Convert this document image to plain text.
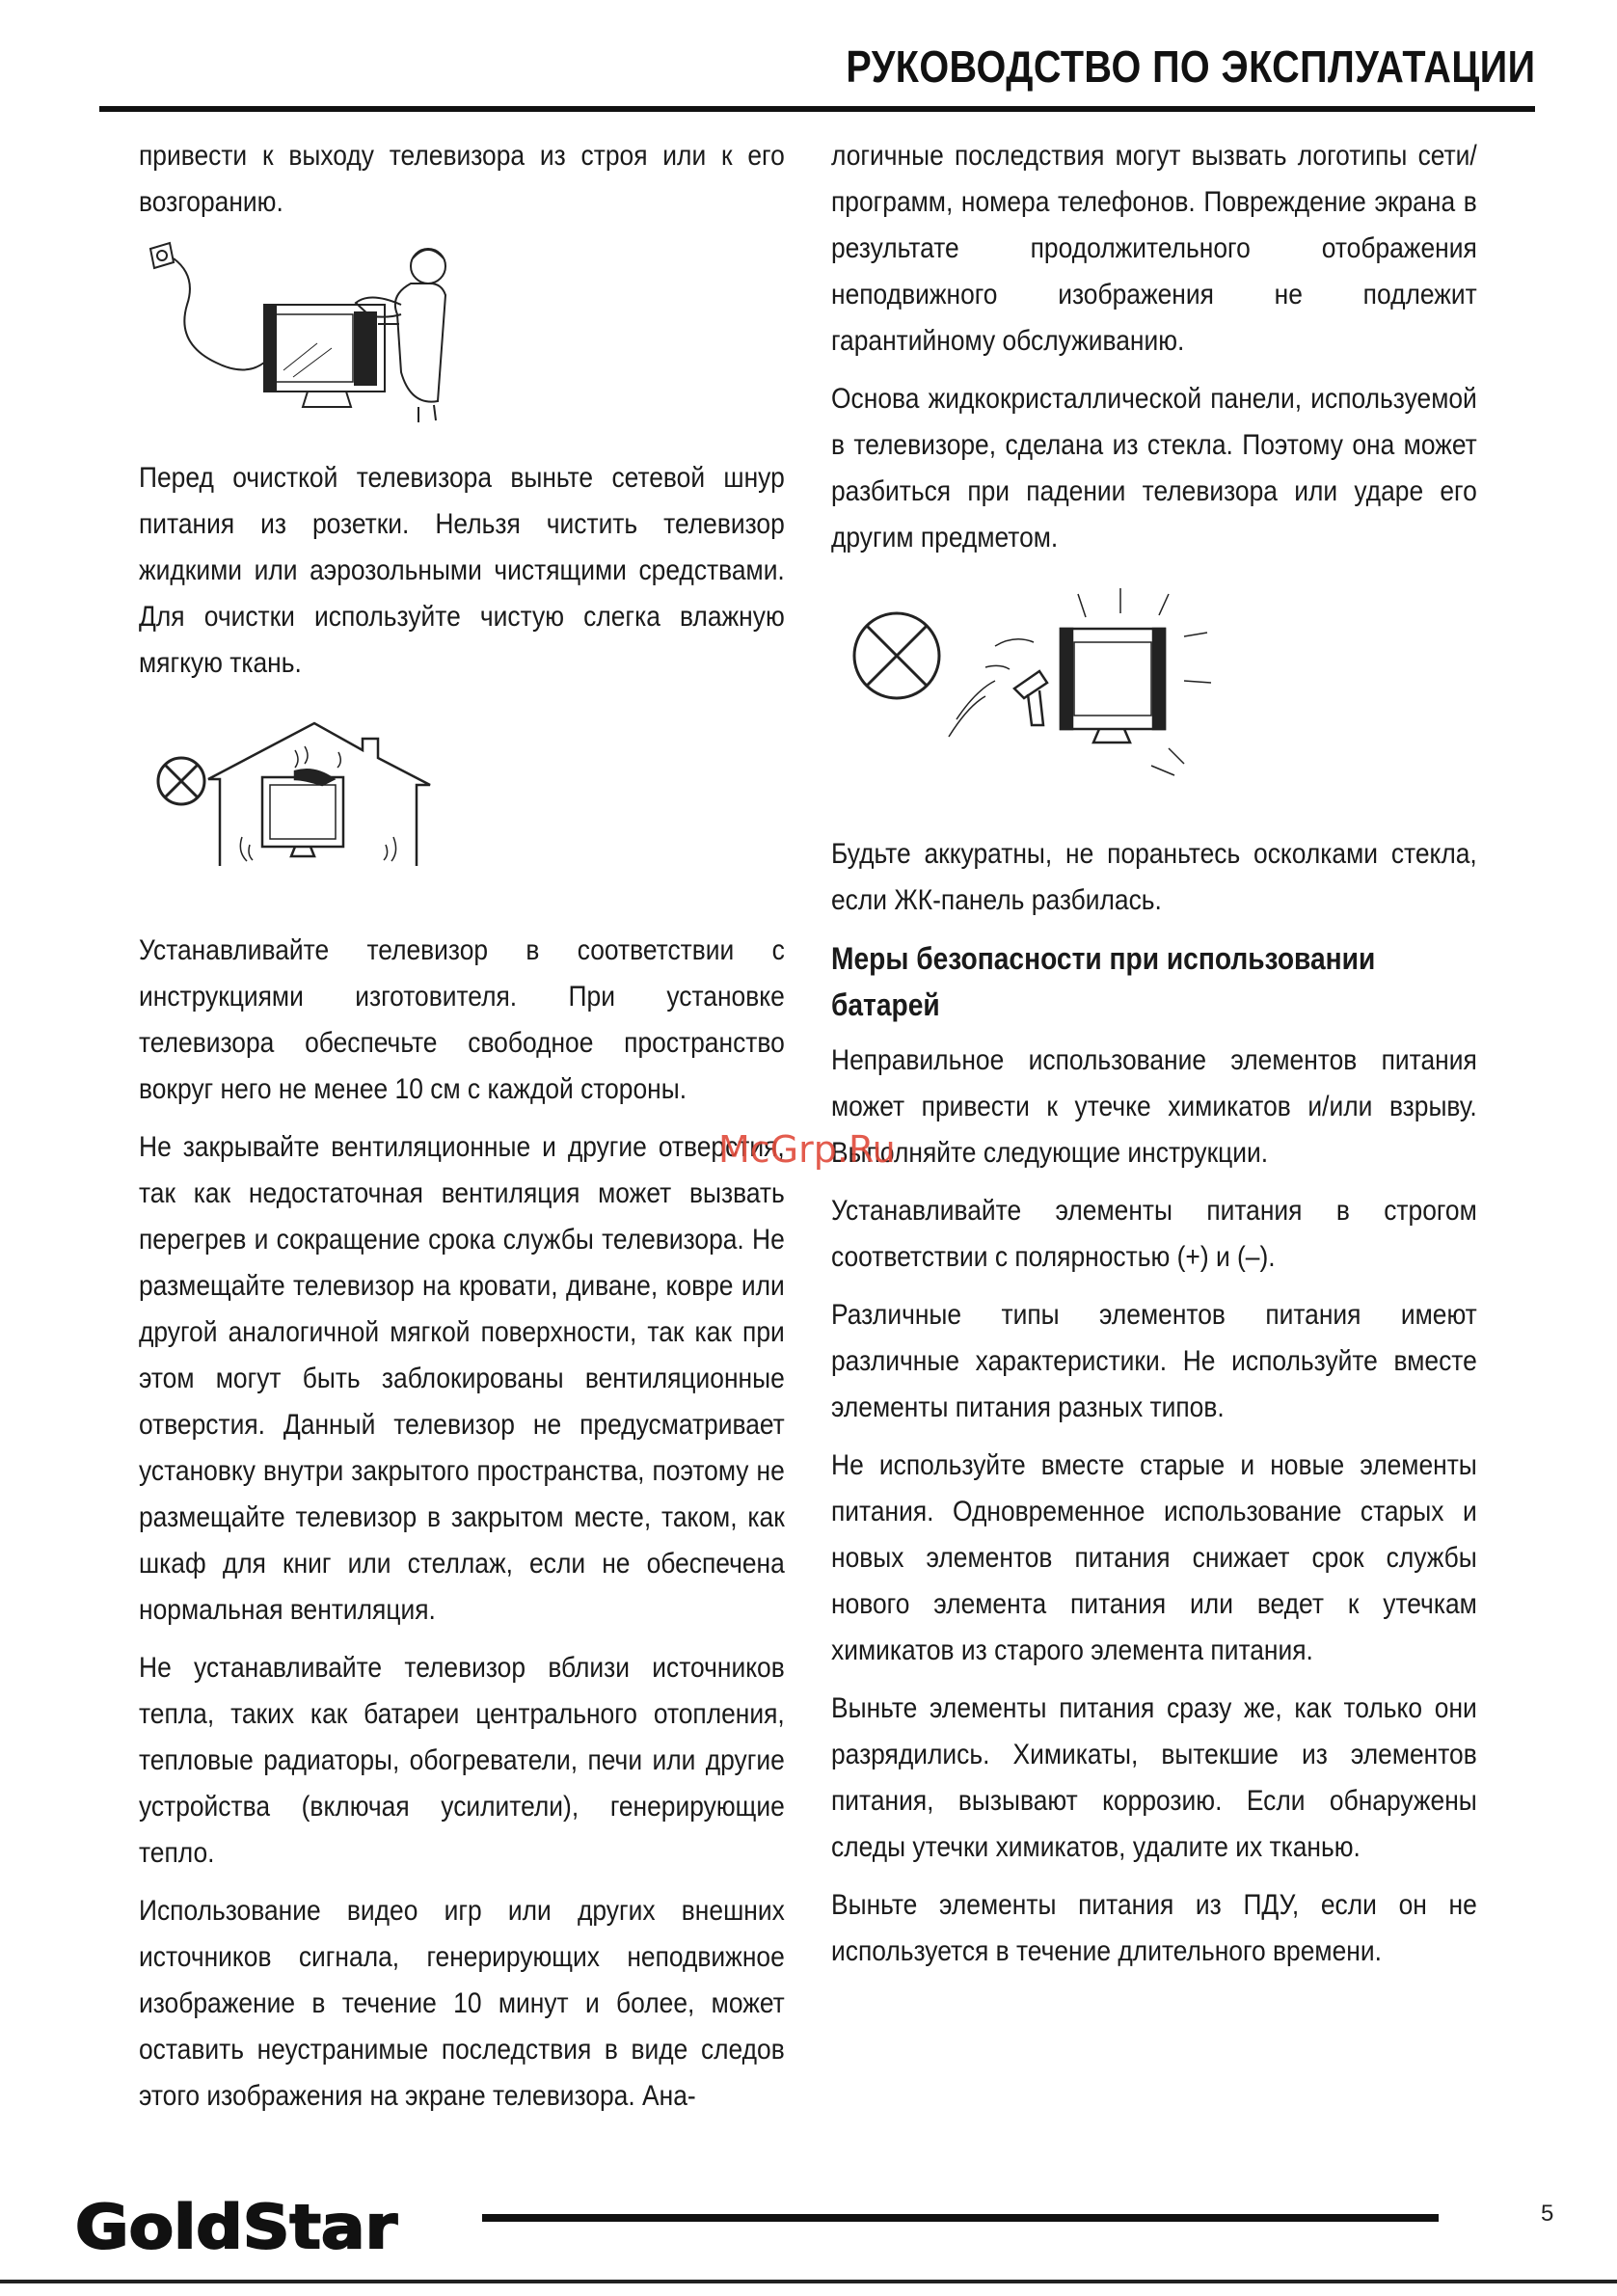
РУКОВОДСТВО ПО ЭКСПЛУАТАЦИИ

привести к выходу телевизора из строя или к его возгоранию.

Перед очисткой телевизора выньте сетевой шнур питания из розетки. Нельзя чистить телевизор жидкими или аэрозольными чистящими средствами. Для очистки используйте чистую слегка влажную мягкую ткань.

Устанавливайте телевизор в соответствии с инструкциями изготовителя. При установке телевизора обеспечьте свободное пространство вокруг него не менее 10 см с каждой стороны.

Не закрывайте вентиляционные и другие отверстия, так как недостаточная вентиляция может вызвать перегрев и сокращение срока службы телевизора. Не размещайте телевизор на кровати, диване, ковре или другой аналогичной мягкой поверхности, так как при этом могут быть заблокированы вентиляционные отверстия. Данный телевизор не предусматривает установку внутри закрытого пространства, поэтому не размещайте телевизор в закрытом месте, таком, как шкаф для книг или стеллаж, если не обеспечена нормальная вентиляция.

Не устанавливайте телевизор вблизи источников тепла, таких как батареи центрального отопления, тепловые радиаторы, обогреватели, печи или другие устройства (включая усилители), генерирующие тепло.

Использование видео игр или других внешних источников сигнала, генерирующих неподвижное изображение в течение 10 минут и более, может оставить неустранимые последствия в виде следов этого изображения на экране телевизора. Ана-

логичные последствия могут вызвать логотипы сети/программ, номера телефонов. Повреждение экрана в результате продолжительного отображения неподвижного изображения не подлежит гарантийному обслуживанию.

Основа жидкокристаллической панели, используемой в телевизоре, сделана из стекла. Поэтому она может разбиться при падении телевизора или ударе его другим предметом.

Будьте аккуратны, не пораньтесь осколками стекла, если ЖК-панель разбилась.

Меры безопасности при использовании батарей

Неправильное использование элементов питания может привести к утечке химикатов и/или взрыву. Выполняйте следующие инструкции.

Устанавливайте элементы питания в строгом соответствии с полярностью (+) и (–).

Различные типы элементов питания имеют различные характеристики. Не используйте вместе элементы питания разных типов.

Не используйте вместе старые и новые элементы питания. Одновременное использование старых и новых элементов питания снижает срок службы нового элемента питания или ведет к утечкам химикатов из старого элемента питания.

Выньте элементы питания сразу же, как только они разрядились. Химикаты, вытекшие из элементов питания, вызывают коррозию. Если обнаружены следы утечки химикатов, удалите их тканью.

Выньте элементы питания из ПДУ, если он не используется в течение длительного времени.

McGrp.Ru
GoldStar	5
